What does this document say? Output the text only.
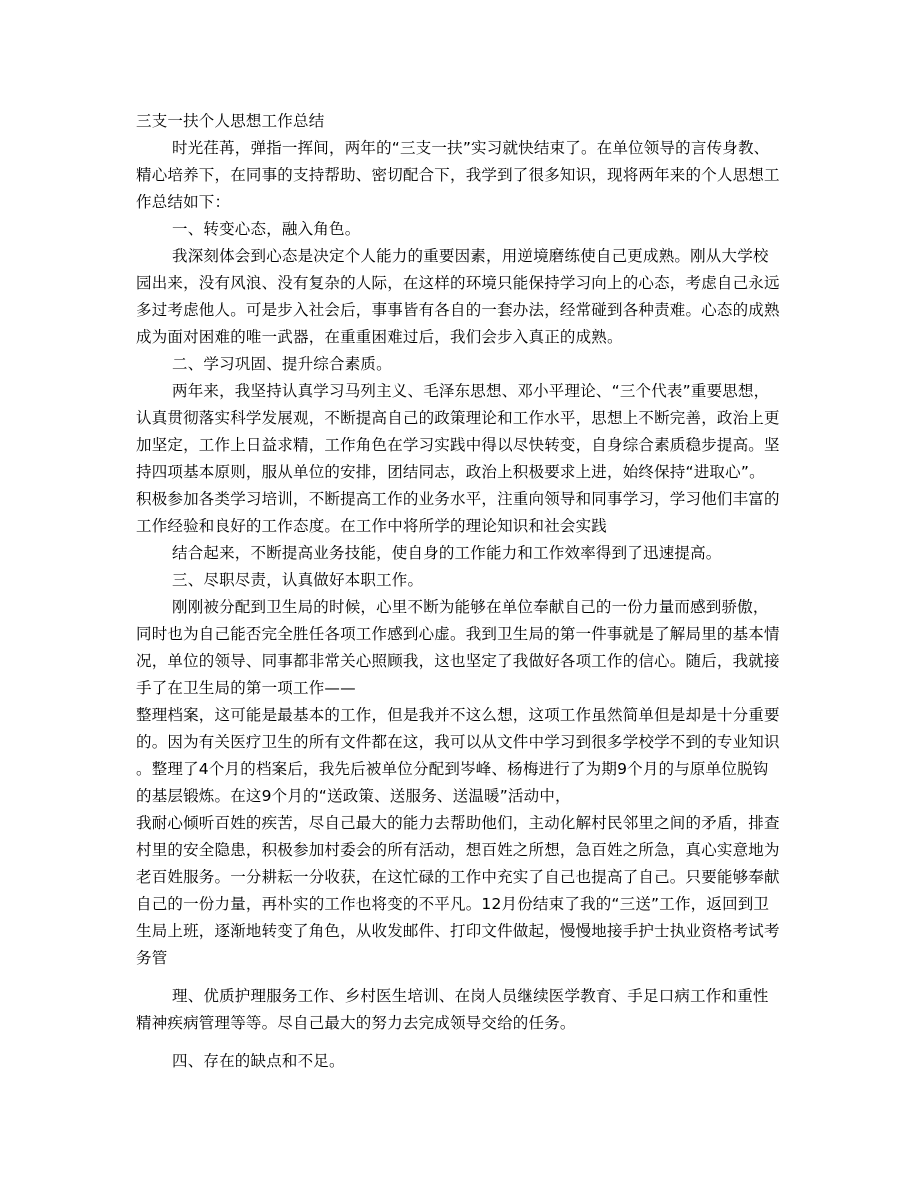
三支一扶个人思想工作总结

时光荏苒，弹指一挥间，两年的“三支一扶”实习就快结束了。在单位领导的言传身教、
精心培养下，在同事的支持帮助、密切配合下，我学到了很多知识，现将两年来的个人思想工
作总结如下：

一、转变心态，融入角色。

我深刻体会到心态是决定个人能力的重要因素，用逆境磨练使自己更成熟。刚从大学校
园出来，没有风浪、没有复杂的人际，在这样的环境只能保持学习向上的心态，考虑自己永远
多过考虑他人。可是步入社会后，事事皆有各自的一套办法，经常碰到各种责难。心态的成熟
成为面对困难的唯一武器，在重重困难过后，我们会步入真正的成熟。

二、学习巩固、提升综合素质。

两年来，我坚持认真学习马列主义、毛泽东思想、邓小平理论、“三个代表”重要思想，
认真贯彻落实科学发展观，不断提高自己的政策理论和工作水平，思想上不断完善，政治上更
加坚定，工作上日益求精，工作角色在学习实践中得以尽快转变，自身综合素质稳步提高。坚
持四项基本原则，服从单位的安排，团结同志，政治上积极要求上进，始终保持“进取心”。
积极参加各类学习培训，不断提高工作的业务水平，注重向领导和同事学习，学习他们丰富的
工作经验和良好的工作态度。在工作中将所学的理论知识和社会实践

结合起来，不断提高业务技能，使自身的工作能力和工作效率得到了迅速提高。

三、尽职尽责，认真做好本职工作。

刚刚被分配到卫生局的时候，心里不断为能够在单位奉献自己的一份力量而感到骄傲，
同时也为自己能否完全胜任各项工作感到心虚。我到卫生局的第一件事就是了解局里的基本情
况，单位的领导、同事都非常关心照顾我，这也坚定了我做好各项工作的信心。随后，我就接
手了在卫生局的第一项工作——

整理档案，这可能是最基本的工作，但是我并不这么想，这项工作虽然简单但是却是十分重要
的。因为有关医疗卫生的所有文件都在这，我可以从文件中学习到很多学校学不到的专业知识
。整理了4个月的档案后，我先后被单位分配到岑峰、杨梅进行了为期9个月的与原单位脱钩
的基层锻炼。在这9个月的“送政策、送服务、送温暖”活动中，

我耐心倾听百姓的疾苦，尽自己最大的能力去帮助他们，主动化解村民邻里之间的矛盾，排查
村里的安全隐患，积极参加村委会的所有活动，想百姓之所想，急百姓之所急，真心实意地为
老百姓服务。一分耕耘一分收获，在这忙碌的工作中充实了自己也提高了自己。只要能够奉献
自己的一份力量，再朴实的工作也将变的不平凡。12月份结束了我的“三送”工作，返回到卫
生局上班，逐渐地转变了角色，从收发邮件、打印文件做起，慢慢地接手护士执业资格考试考
务管

理、优质护理服务工作、乡村医生培训、在岗人员继续医学教育、手足口病工作和重性
精神疾病管理等等。尽自己最大的努力去完成领导交给的任务。

四、存在的缺点和不足。
